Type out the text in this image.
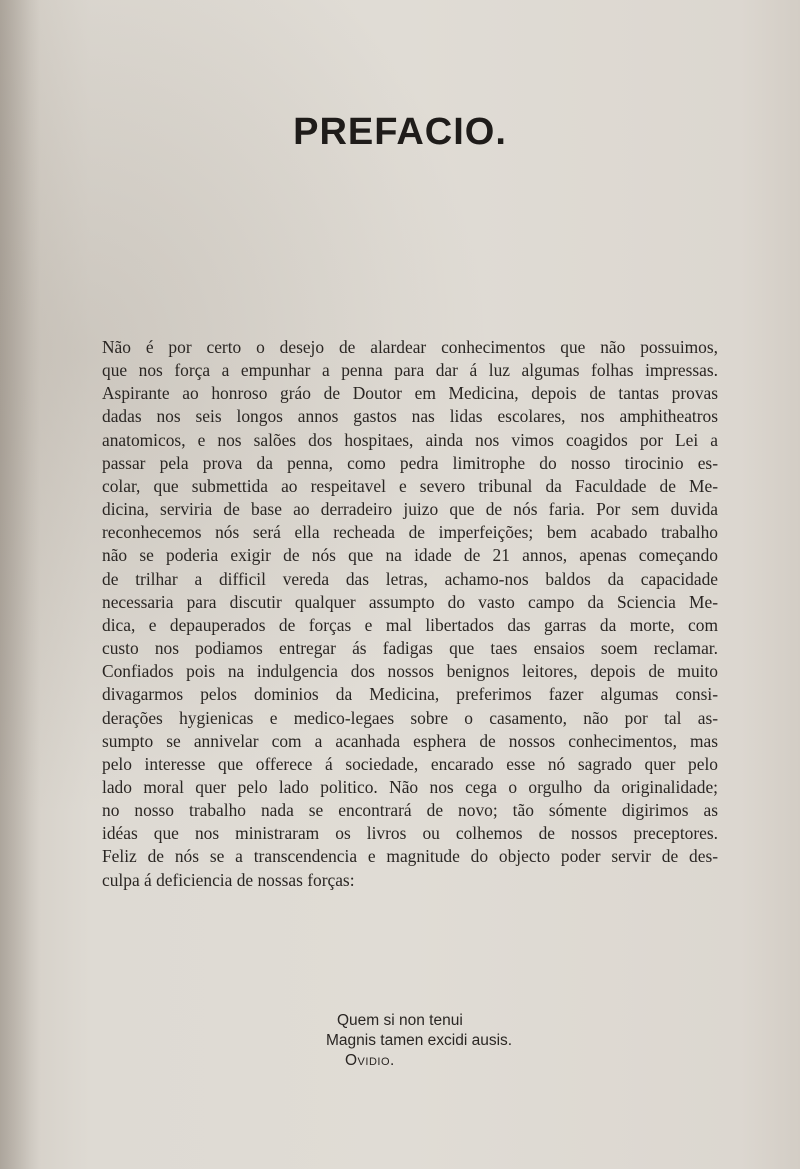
PREFACIO.
Não é por certo o desejo de alardear conhecimentos que não possuimos,
que nos força a empunhar a penna para dar á luz algumas folhas impressas.
Aspirante ao honroso gráo de Doutor em Medicina, depois de tantas provas
dadas nos seis longos annos gastos nas lidas escolares, nos amphitheatros
anatomicos, e nos salões dos hospitaes, ainda nos vimos coagidos por Lei a
passar pela prova da penna, como pedra limitrophe do nosso tirocinio es-
colar, que submettida ao respeitavel e severo tribunal da Faculdade de Me-
dicina, serviria de base ao derradeiro juizo que de nós faria. Por sem duvida
reconhecemos nós será ella recheada de imperfeições; bem acabado trabalho
não se poderia exigir de nós que na idade de 21 annos, apenas começando
de trilhar a difficil vereda das letras, achamo-nos baldos da capacidade
necessaria para discutir qualquer assumpto do vasto campo da Sciencia Me-
dica, e depauperados de forças e mal libertados das garras da morte, com
custo nos podiamos entregar ás fadigas que taes ensaios soem reclamar.
Confiados pois na indulgencia dos nossos benignos leitores, depois de muito
divagarmos pelos dominios da Medicina, preferimos fazer algumas consi-
derações hygienicas e medico-legaes sobre o casamento, não por tal as-
sumpto se annivelar com a acanhada esphera de nossos conhecimentos, mas
pelo interesse que offerece á sociedade, encarado esse nó sagrado quer pelo
lado moral quer pelo lado politico. Não nos cega o orgulho da originalidade;
no nosso trabalho nada se encontrará de novo; tão sómente digirimos as
idéas que nos ministraram os livros ou colhemos de nossos preceptores.
Feliz de nós se a transcendencia e magnitude do objecto poder servir de des-
culpa á deficiencia de nossas forças:
Quem si non tenui
Magnis tamen excidi ausis.
Ovidio.
